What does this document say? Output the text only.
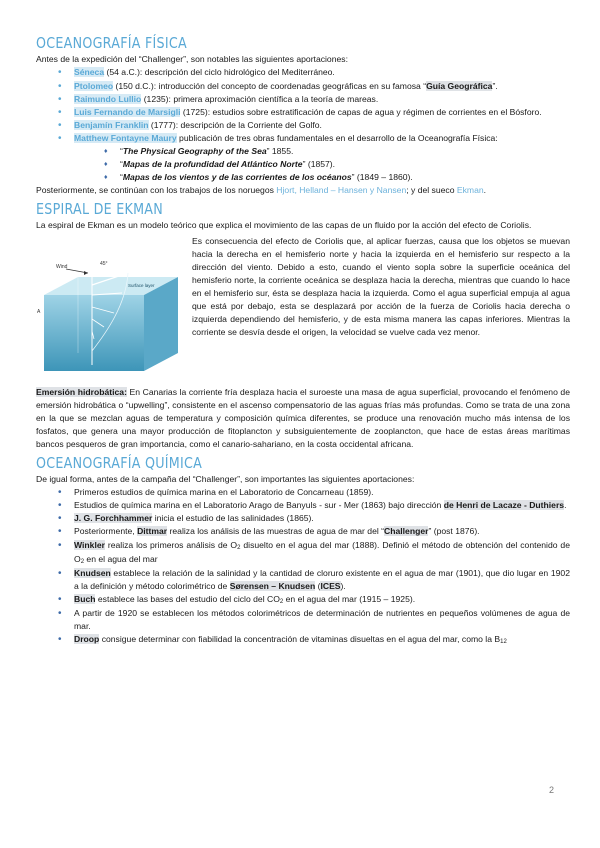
OCEANOGRAFÍA FÍSICA

Antes de la expedición del “Challenger”, son notables las siguientes aportaciones:

• Séneca (54 a.C.): descripción del ciclo hidrológico del Mediterráneo.
• Ptolomeo (150 d.C.): introducción del concepto de coordenadas geográficas en su famosa “Guía Geográfica”.
• Raimundo Lullio (1235): primera aproximación científica a la teoría de mareas.
• Luis Fernando de Marsigli (1725): estudios sobre estratificación de capas de agua y régimen de corrientes en el Bósforo.
• Benjamín Franklin (1777): descripción de la Corriente del Golfo.
• Matthew Fontayne Maury publicación de tres obras fundamentales en el desarrollo de la Oceanografía Física:
♦ “The Physical Geography of the Sea” 1855.
♦ “Mapas de la profundidad del Atlántico Norte” (1857).
♦ “Mapas de los vientos y de las corrientes de los océanos” (1849 – 1860).

Posteriormente, se continúan con los trabajos de los noruegos Hjort, Helland – Hansen y Nansen; y del sueco Ekman.

ESPIRAL DE EKMAN

La espiral de Ekman es un modelo teórico que explica el movimiento de las capas de un fluido por la acción del efecto de Coriolis.

Wind	45°
Surface layer
A

Es consecuencia del efecto de Coriolis que, al aplicar fuerzas, causa que los objetos se muevan hacia la derecha en el hemisferio norte y hacia la izquierda en el hemisferio sur respecto a la dirección del viento. Debido a esto, cuando el viento sopla sobre la superficie oceánica del hemisferio norte, la corriente oceánica se desplaza hacia la derecha, mientras que cuando lo hace en el hemisferio sur, ésta se desplaza hacia la izquierda. Como el agua superficial empuja al agua que está por debajo, esta se desplazará por acción de la fuerza de Coriolis hacia derecha o izquierda dependiendo del hemisferio, y de esta misma manera las capas inferiores. Mientras la corriente se desvía desde el origen, la velocidad se vuelve cada vez menor.

Emersión hidrobática: En Canarias la corriente fría desplaza hacia el suroeste una masa de agua superficial, provocando el fenómeno de emersión hidrobática o “upwelling”, consistente en el ascenso compensatorio de las aguas frías más profundas. Como se trata de una zona en la que se mezclan aguas de temperatura y composición química diferentes, se produce una renovación mucho más intensa de los fosfatos, que genera una mayor producción de fitoplancton y subsiguientemente de zooplancton, que hace de estas áreas marítimas bancos pesqueros de gran importancia, como el canario-sahariano, en la costa occidental africana.

OCEANOGRAFÍA QUÍMICA

De igual forma, antes de la campaña del “Challenger”, son importantes las siguientes aportaciones:

• Primeros estudios de química marina en el Laboratorio de Concarneau (1859).
• Estudios de química marina en el Laboratorio Arago de Banyuls - sur - Mer (1863) bajo dirección de Henri de Lacaze - Duthiers.
• J. G. Forchhammer inicia el estudio de las salinidades (1865).
• Posteriormente, Dittmar realiza los análisis de las muestras de agua de mar del “Challenger” (post 1876).
• Winkler realiza los primeros análisis de $O_2$ disuelto en el agua del mar (1888). Definió el método de obtención del contenido de $O_2$ en el agua del mar
• Knudsen establece la relación de la salinidad y la cantidad de cloruro existente en el agua de mar (1901), que dio lugar en 1902 a la definición y método colorimétrico de Sørensen – Knudsen (ICES).
• Buch establece las bases del estudio del ciclo del $CO_2$ en el agua del mar (1915 – 1925).
• A partir de 1920 se establecen los métodos colorimétricos de determinación de nutrientes en pequeños volúmenes de agua de mar.
• Droop consigue determinar con fiabilidad la concentración de vitaminas disueltas en el agua del mar, como la $B_{12}$
2
